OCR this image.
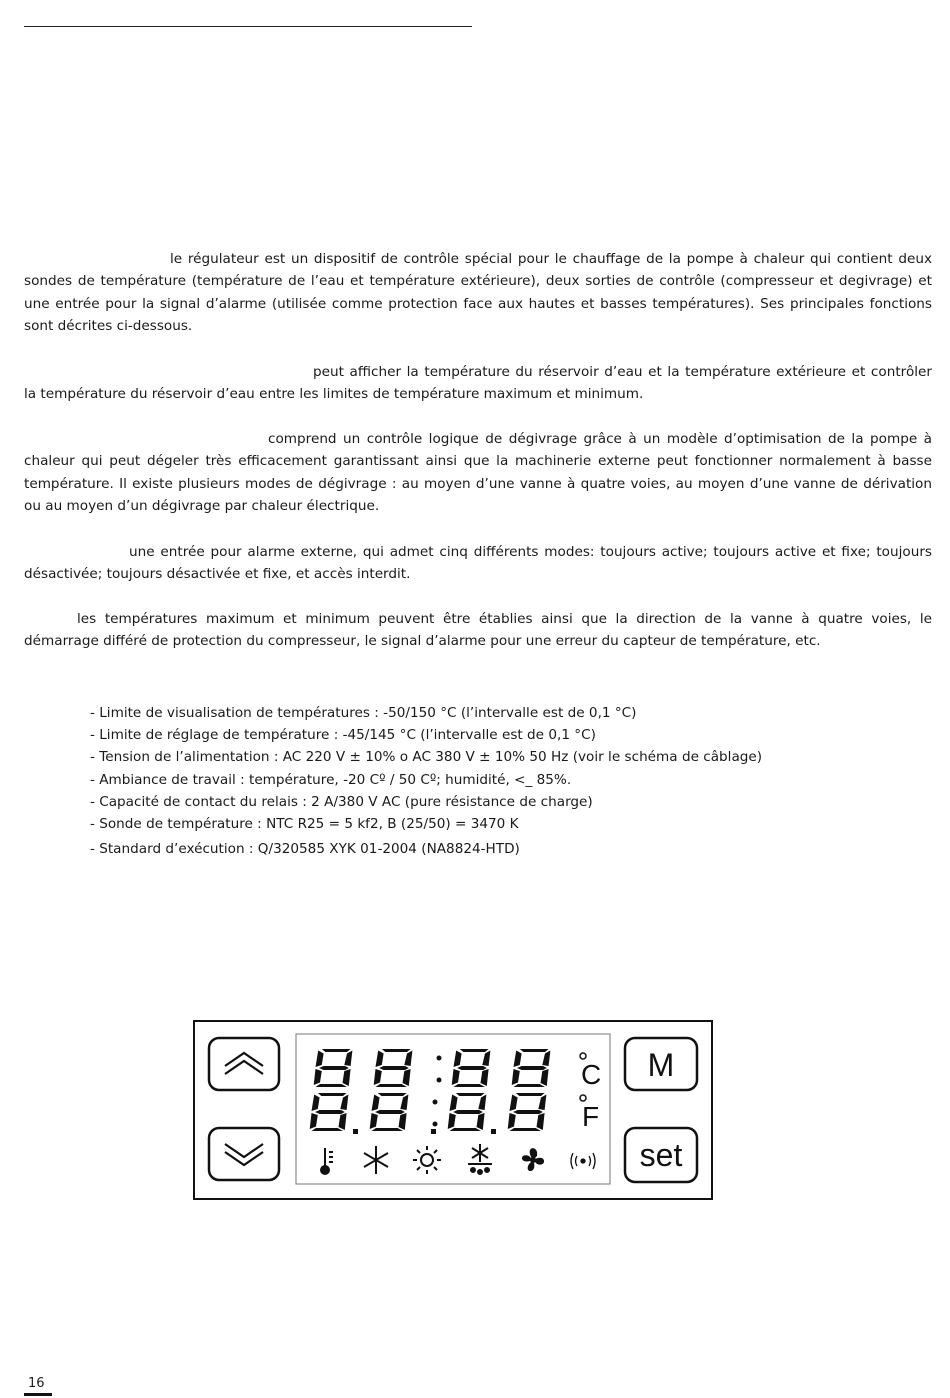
le régulateur est un dispositif de contrôle spécial pour le chauffage de la pompe à chaleur qui contient deux sondes de température (température de l’eau et température extérieure), deux sorties de contrôle (compresseur et degivrage) et une entrée pour la signal d’alarme (utilisée comme protection face aux hautes et basses températures). Ses principales fonctions sont décrites ci-dessous.

peut afficher la température du réservoir d’eau et la température extérieure et contrôler la température du réservoir d’eau entre les limites de température maximum et minimum.

comprend un contrôle logique de dégivrage grâce à un modèle d’optimisation de la pompe à chaleur qui peut dégeler très efficacement garantissant ainsi que la machinerie externe peut fonctionner normalement à basse température. Il existe plusieurs modes de dégivrage : au moyen d’une vanne à quatre voies, au moyen d’une vanne de dérivation ou au moyen d’un dégivrage par chaleur électrique.

une entrée pour alarme externe, qui admet cinq différents modes: toujours active; toujours active et fixe; toujours désactivée; toujours désactivée et fixe, et accès interdit.

les températures maximum et minimum peuvent être établies ainsi que la direction de la vanne à quatre voies, le démarrage différé de protection du compresseur, le signal d’alarme pour une erreur du capteur de température, etc.

- Limite de visualisation de températures : -50/150 °C (l’intervalle est de 0,1 °C)
- Limite de réglage de température : -45/145 °C (l’intervalle est de 0,1 °C)
- Tension de l’alimentation : AC 220 V ± 10% o AC 380 V ± 10% 50 Hz (voir le schéma de câblage)
- Ambiance de travail : température, -20 Cº / 50 Cº; humidité, <_ 85%.
- Capacité de contact du relais : 2 A/380 V AC (pure résistance de charge)
- Sonde de température : NTC R25 = 5 kf2, B (25/50) = 3470 K
- Standard d’exécution : Q/320585 XYK 01-2004 (NA8824-HTD)
C
F
M
set
16
